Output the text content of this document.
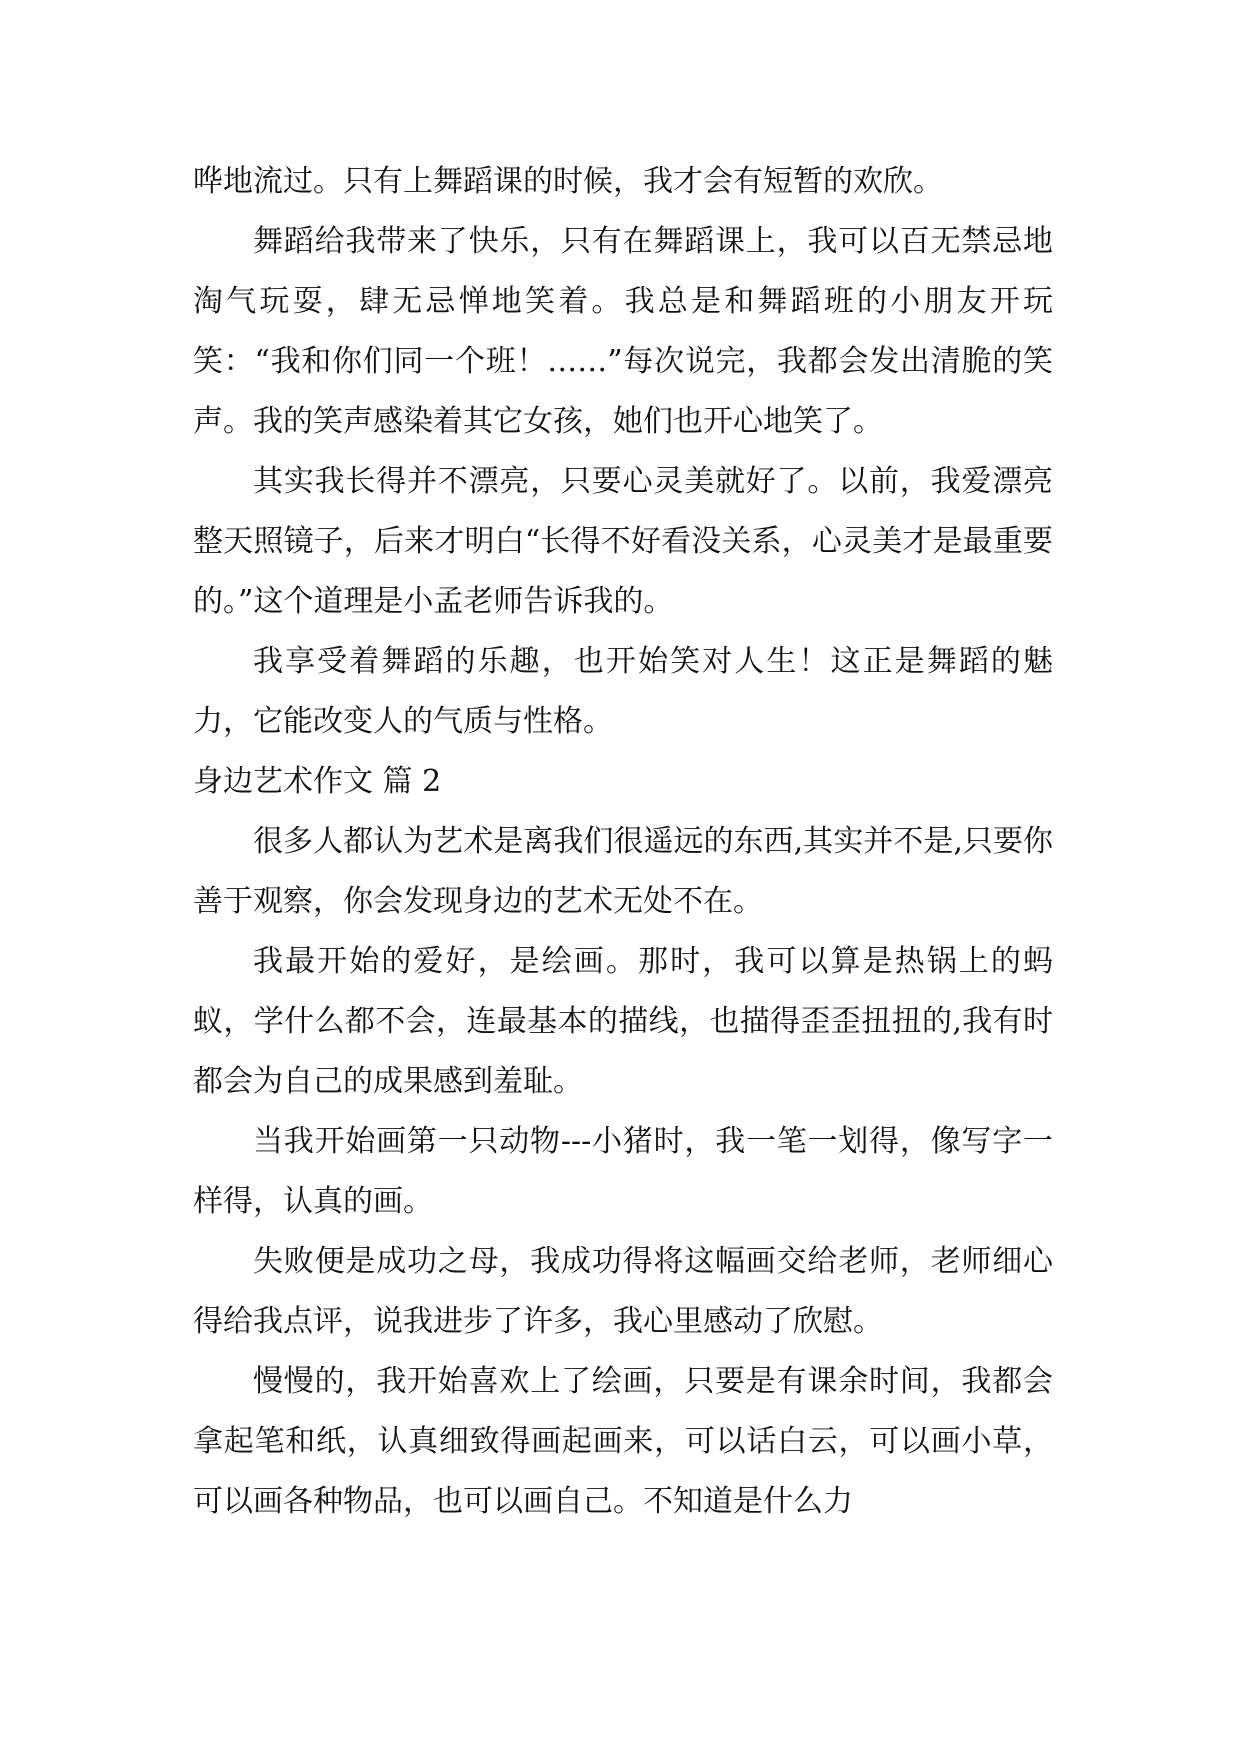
哗地流过。只有上舞蹈课的时候，我才会有短暂的欢欣。

舞蹈给我带来了快乐，只有在舞蹈课上，我可以百无禁忌地淘气玩耍，肆无忌惮地笑着。我总是和舞蹈班的小朋友开玩笑：“我和你们同一个班！……”每次说完，我都会发出清脆的笑声。我的笑声感染着其它女孩，她们也开心地笑了。

其实我长得并不漂亮，只要心灵美就好了。以前，我爱漂亮整天照镜子，后来才明白“长得不好看没关系，心灵美才是最重要的。”这个道理是小孟老师告诉我的。

我享受着舞蹈的乐趣，也开始笑对人生！这正是舞蹈的魅力，它能改变人的气质与性格。

身边艺术作文 篇 2

很多人都认为艺术是离我们很遥远的东西,其实并不是,只要你善于观察，你会发现身边的艺术无处不在。

我最开始的爱好，是绘画。那时，我可以算是热锅上的蚂蚁，学什么都不会，连最基本的描线，也描得歪歪扭扭的,我有时都会为自己的成果感到羞耻。

当我开始画第一只动物---小猪时，我一笔一划得，像写字一样得，认真的画。

失败便是成功之母，我成功得将这幅画交给老师，老师细心得给我点评，说我进步了许多，我心里感动了欣慰。

慢慢的，我开始喜欢上了绘画，只要是有课余时间，我都会拿起笔和纸，认真细致得画起画来，可以话白云，可以画小草，可以画各种物品，也可以画自己。不知道是什么力
